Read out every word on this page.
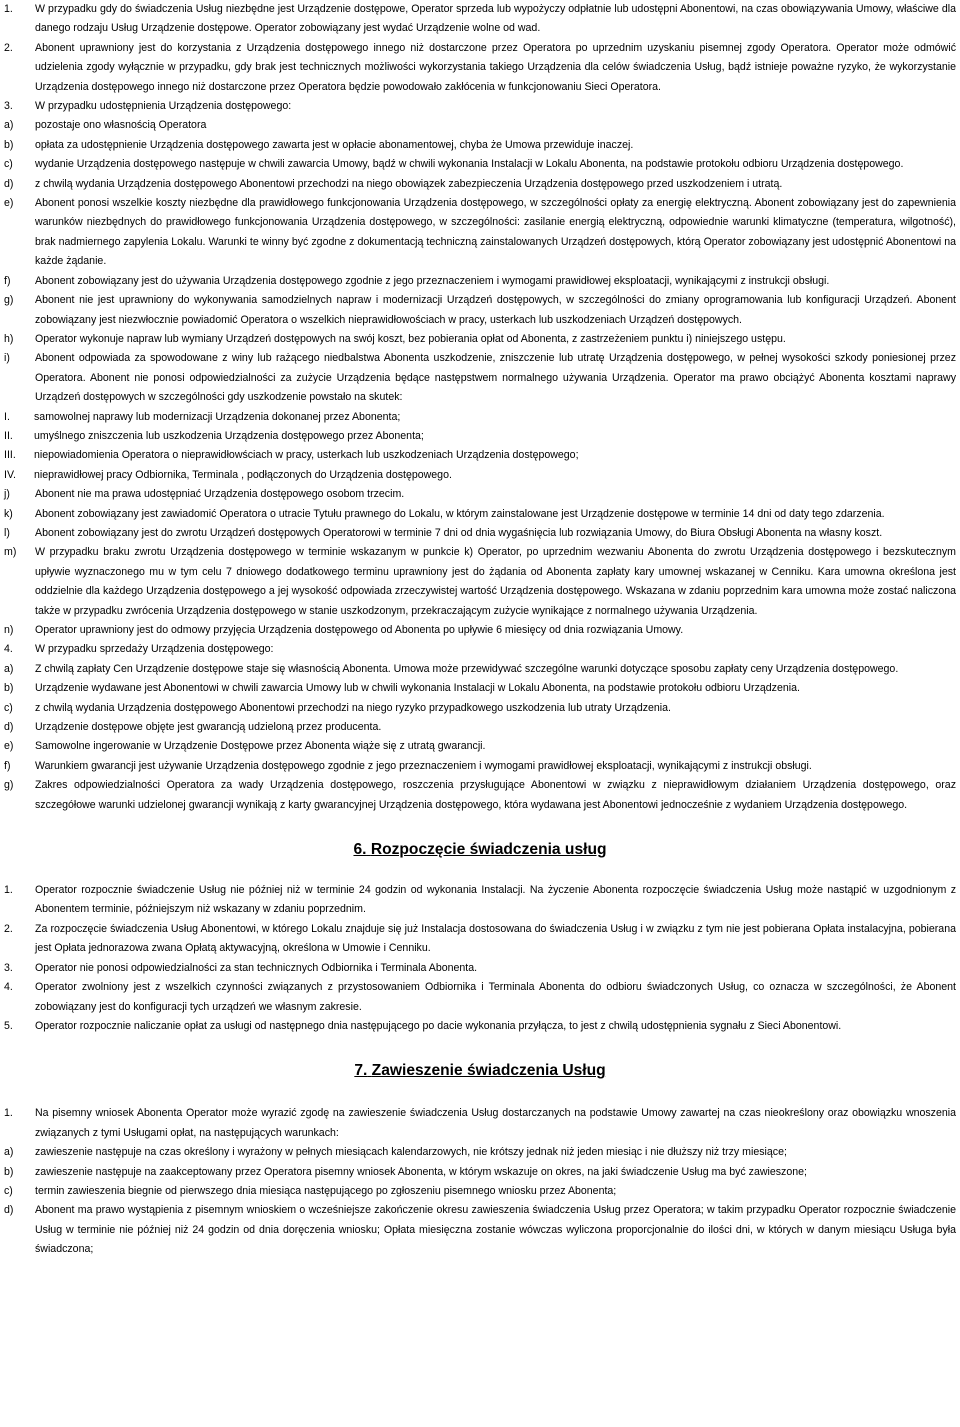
1.	W przypadku gdy do świadczenia Usług niezbędne jest Urządzenie dostępowe, Operator sprzeda lub wypożyczy odpłatnie lub udostępni Abonentowi, na czas obowiązywania Umowy, właściwe dla danego rodzaju Usług Urządzenie dostępowe. Operator zobowiązany jest wydać Urządzenie wolne od wad.
2.	Abonent uprawniony jest do korzystania z Urządzenia dostępowego innego niż dostarczone przez Operatora po uprzednim uzyskaniu pisemnej zgody Operatora. Operator może odmówić udzielenia zgody wyłącznie w przypadku, gdy brak jest technicznych możliwości wykorzystania takiego Urządzenia dla celów świadczenia Usług, bądź istnieje poważne ryzyko, że wykorzystanie Urządzenia dostępowego innego niż dostarczone przez Operatora będzie powodowało zakłócenia w funkcjonowaniu Sieci Operatora.
3.	W przypadku udostępnienia Urządzenia dostępowego:
a)	pozostaje ono własnością Operatora
b)	opłata za udostępnienie Urządzenia dostępowego zawarta jest w opłacie abonamentowej, chyba że Umowa przewiduje inaczej.
c)	wydanie Urządzenia dostępowego następuje w chwili zawarcia Umowy, bądź w chwili wykonania Instalacji w Lokalu Abonenta, na podstawie protokołu odbioru Urządzenia dostępowego.
d)	z chwilą wydania Urządzenia dostępowego Abonentowi przechodzi na niego obowiązek zabezpieczenia Urządzenia dostępowego przed uszkodzeniem i utratą.
e)	Abonent ponosi wszelkie koszty niezbędne dla prawidłowego funkcjonowania Urządzenia dostępowego, w szczególności opłaty za energię elektryczną. Abonent zobowiązany jest do zapewnienia warunków niezbędnych do prawidłowego funkcjonowania Urządzenia dostępowego, w szczególności: zasilanie energią elektryczną, odpowiednie warunki klimatyczne (temperatura, wilgotność), brak nadmiernego zapylenia Lokalu. Warunki te winny być zgodne z dokumentacją techniczną zainstalowanych Urządzeń dostępowych, którą Operator zobowiązany jest udostępnić Abonentowi na każde żądanie.
f)	Abonent zobowiązany jest do używania Urządzenia dostępowego zgodnie z jego przeznaczeniem i wymogami prawidłowej eksploatacji, wynikającymi z instrukcji obsługi.
g)	Abonent nie jest uprawniony do wykonywania samodzielnych napraw i modernizacji Urządzeń dostępowych, w szczególności do zmiany oprogramowania lub konfiguracji Urządzeń. Abonent zobowiązany jest niezwłocznie powiadomić Operatora o wszelkich nieprawidłowościach w pracy, usterkach lub uszkodzeniach Urządzeń dostępowych.
h)	Operator wykonuje napraw lub wymiany Urządzeń dostępowych na swój koszt, bez pobierania opłat od Abonenta, z zastrzeżeniem punktu i) niniejszego ustępu.
i)	Abonent odpowiada za spowodowane z winy lub rażącego niedbalstwa Abonenta uszkodzenie, zniszczenie lub utratę Urządzenia dostępowego, w pełnej wysokości szkody poniesionej przez Operatora. Abonent nie ponosi odpowiedzialności za zużycie Urządzenia będące następstwem normalnego używania Urządzenia. Operator ma prawo obciążyć Abonenta kosztami naprawy Urządzeń dostępowych w szczególności gdy uszkodzenie powstało na skutek:
I.	samowolnej naprawy lub modernizacji Urządzenia dokonanej przez Abonenta;
II.	umyślnego zniszczenia lub uszkodzenia Urządzenia dostępowego przez Abonenta;
III.	niepowiadomienia Operatora o nieprawidłowściach w pracy, usterkach lub uszkodzeniach Urządzenia dostępowego;
IV.	nieprawidłowej pracy Odbiornika, Terminala , podłączonych do Urządzenia dostępowego.
j)	Abonent nie ma prawa udostępniać Urządzenia dostępowego osobom trzecim.
k)	Abonent zobowiązany jest zawiadomić Operatora o utracie Tytułu prawnego do Lokalu, w którym zainstalowane jest Urządzenie dostępowe w terminie 14 dni od daty tego zdarzenia.
l)	Abonent zobowiązany jest do zwrotu Urządzeń dostępowych Operatorowi w terminie 7 dni od dnia wygaśnięcia lub rozwiązania Umowy, do Biura Obsługi Abonenta na własny koszt.
m)	W przypadku braku zwrotu Urządzenia dostępowego w terminie wskazanym w punkcie k) Operator, po uprzednim wezwaniu Abonenta do zwrotu Urządzenia dostępowego i bezskutecznym upływie wyznaczonego mu w tym celu 7 dniowego dodatkowego terminu uprawniony jest do żądania od Abonenta zapłaty kary umownej wskazanej w Cenniku. Kara umowna określona jest oddzielnie dla każdego Urządzenia dostępowego a jej wysokość odpowiada zrzeczywistej wartość Urządzenia dostępowego. Wskazana w zdaniu poprzednim kara umowna może zostać naliczona także w przypadku zwrócenia Urządzenia dostępowego w stanie uszkodzonym, przekraczającym zużycie wynikające z normalnego używania Urządzenia.
n)	Operator uprawniony jest do odmowy przyjęcia Urządzenia dostępowego od Abonenta po upływie 6 miesięcy od dnia rozwiązania Umowy.
4.	W przypadku sprzedaży Urządzenia dostępowego:
a)	Z chwilą zapłaty Cen Urządzenie dostępowe staje się własnością Abonenta. Umowa może przewidywać szczególne warunki dotyczące sposobu zapłaty ceny Urządzenia dostępowego.
b)	Urządzenie wydawane jest Abonentowi w chwili zawarcia Umowy lub w chwili wykonania Instalacji w Lokalu Abonenta, na podstawie protokołu odbioru Urządzenia.
c)	z chwilą wydania Urządzenia dostępowego Abonentowi przechodzi na niego ryzyko przypadkowego uszkodzenia lub utraty Urządzenia.
d)	Urządzenie dostępowe objęte jest gwarancją udzieloną przez producenta.
e)	Samowolne ingerowanie w Urządzenie Dostępowe przez Abonenta wiąże się z utratą gwarancji.
f)	Warunkiem gwarancji jest używanie Urządzenia dostępowego zgodnie z jego przeznaczeniem i wymogami prawidłowej eksploatacji, wynikającymi z instrukcji obsługi.
g)	Zakres odpowiedzialności Operatora za wady Urządzenia dostępowego, roszczenia przysługujące Abonentowi w związku z nieprawidłowym działaniem Urządzenia dostępowego, oraz szczegółowe warunki udzielonej gwarancji wynikają z karty gwarancyjnej Urządzenia dostępowego, która wydawana jest Abonentowi jednocześnie z wydaniem Urządzenia dostępowego.
6. Rozpoczęcie świadczenia usług
1.	Operator rozpocznie świadczenie Usług nie później niż w terminie 24 godzin od wykonania Instalacji. Na życzenie Abonenta rozpoczęcie świadczenia Usług może nastąpić w uzgodnionym z Abonentem terminie, późniejszym niż wskazany w zdaniu poprzednim.
2.	Za rozpoczęcie świadczenia Usług Abonentowi, w którego Lokalu znajduje się już Instalacja dostosowana do świadczenia Usług i w związku z tym nie jest pobierana Opłata instalacyjna, pobierana jest Opłata jednorazowa zwana Opłatą aktywacyjną, określona w Umowie i Cenniku.
3.	Operator nie ponosi odpowiedzialności za stan technicznych Odbiornika i Terminala Abonenta.
4.	Operator zwolniony jest z wszelkich czynności związanych z przystosowaniem Odbiornika i Terminala Abonenta do odbioru świadczonych Usług, co oznacza w szczególności, że Abonent zobowiązany jest do konfiguracji tych urządzeń we własnym zakresie.
5.	Operator rozpocznie naliczanie opłat za usługi od następnego dnia następującego po dacie wykonania przyłącza, to jest z chwilą udostępnienia sygnału z Sieci Abonentowi.
7. Zawieszenie świadczenia Usług
1.	Na pisemny wniosek Abonenta Operator może wyrazić zgodę na zawieszenie świadczenia Usług dostarczanych na podstawie Umowy zawartej na czas nieokreślony oraz obowiązku wnoszenia związanych z tymi Usługami opłat, na następujących warunkach:
a)	zawieszenie następuje na czas określony i wyrażony w pełnych miesiącach kalendarzowych, nie krótszy jednak niż jeden miesiąc i nie dłuższy niż trzy miesiące;
b)	zawieszenie następuje na zaakceptowany przez Operatora pisemny wniosek Abonenta, w którym wskazuje on okres, na jaki świadczenie Usług ma być zawieszone;
c)	termin zawieszenia biegnie od pierwszego dnia miesiąca następującego po zgłoszeniu pisemnego wniosku przez Abonenta;
d)	Abonent ma prawo wystąpienia z pisemnym wnioskiem o wcześniejsze zakończenie okresu zawieszenia świadczenia Usług przez Operatora; w takim przypadku Operator rozpocznie świadczenie Usług w terminie nie później niż 24 godzin od dnia doręczenia wniosku; Opłata miesięczna zostanie wówczas wyliczona proporcjonalnie do ilości dni, w których w danym miesiącu Usługa była świadczona;
